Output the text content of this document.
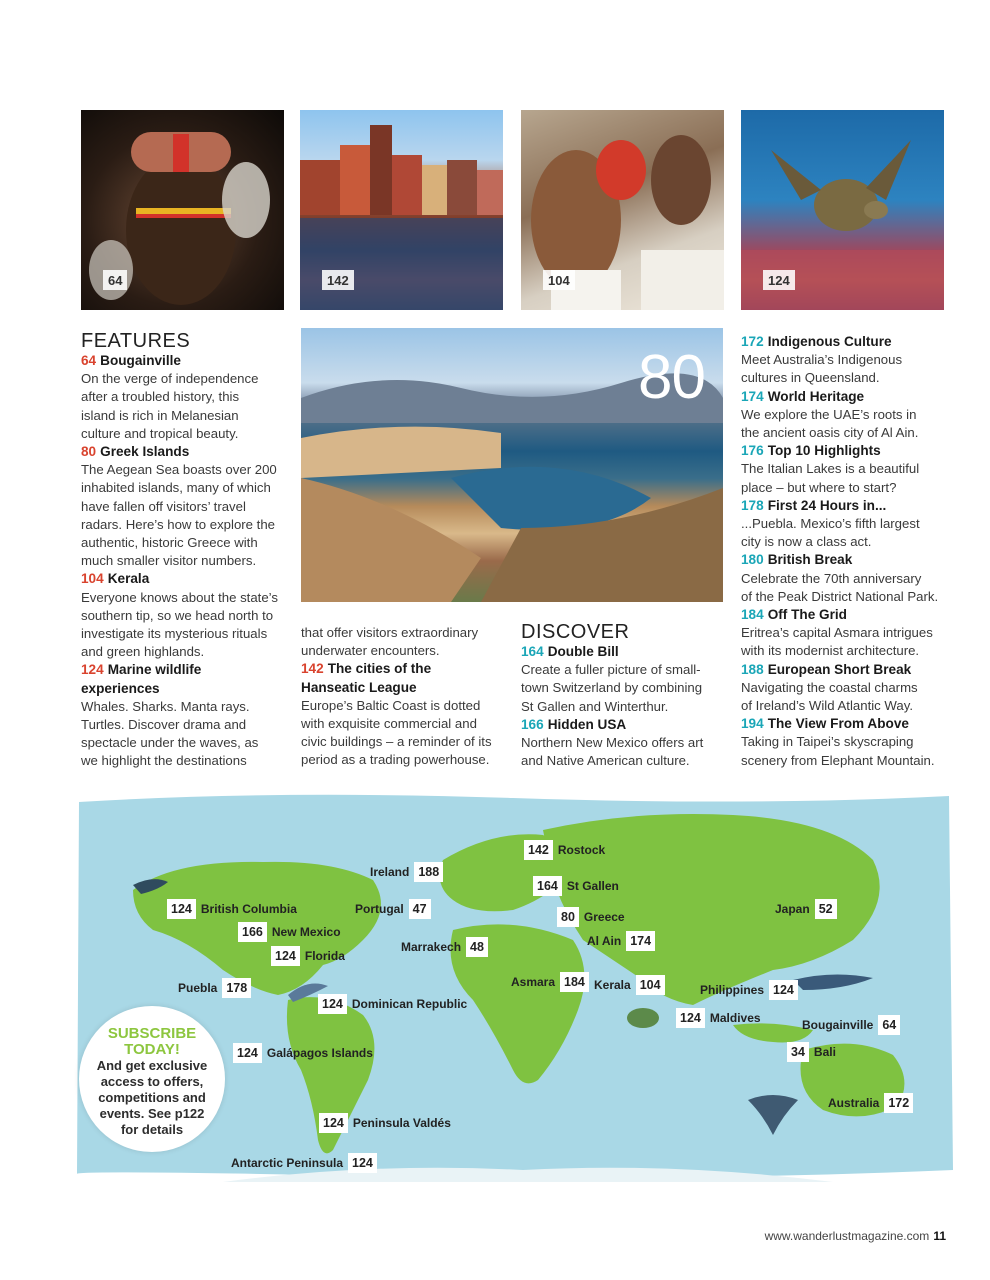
64	142	104	124
80
FEATURES
64 Bougainville
On the verge of independence
after a troubled history, this
island is rich in Melanesian
culture and tropical beauty.
80 Greek Islands
The Aegean Sea boasts over 200
inhabited islands, many of which
have fallen off visitors’ travel
radars. Here’s how to explore the
authentic, historic Greece with
much smaller visitor numbers.
104 Kerala
Everyone knows about the state’s
southern tip, so we head north to
investigate its mysterious rituals
and green highlands.
124 Marine wildlife
experiences
Whales. Sharks. Manta rays.
Turtles. Discover drama and
spectacle under the waves, as
we highlight the destinations
that offer visitors extraordinary
underwater encounters.
142 The cities of the
Hanseatic League
Europe’s Baltic Coast is dotted
with exquisite commercial and
civic buildings – a reminder of its
period as a trading powerhouse.
DISCOVER
164 Double Bill
Create a fuller picture of small-
town Switzerland by combining
St Gallen and Winterthur.
166 Hidden USA
Northern New Mexico offers art
and Native American culture.
172 Indigenous Culture
Meet Australia’s Indigenous
cultures in Queensland.
174 World Heritage
We explore the UAE’s roots in
the ancient oasis city of Al Ain.
176 Top 10 Highlights
The Italian Lakes is a beautiful
place – but where to start?
178 First 24 Hours in...
...Puebla. Mexico’s fifth largest
city is now a class act.
180 British Break
Celebrate the 70th anniversary
of the Peak District National Park.
184 Off The Grid
Eritrea’s capital Asmara intrigues
with its modernist architecture.
188 European Short Break
Navigating the coastal charms
of Ireland’s Wild Atlantic Way.
194 The View From Above
Taking in Taipei’s skyscraping
scenery from Elephant Mountain.
142 Rostock
Ireland 188
164 St Gallen
Portugal 47
80 Greece
124 British Columbia
166 New Mexico
124 Florida
Marrakech 48	Al Ain 174
Japan 52
Puebla 178	Asmara 184 Kerala 104	Philippines 124
124 Dominican Republic
124 Maldives	Bougainville 64
124 Galápagos Islands	34 Bali
Australia 172
124 Peninsula Valdés
Antarctic Peninsula 124
SUBSCRIBE
TODAY!
And get exclusive
access to offers,
competitions and
events. See p122
for details
www.wanderlustmagazine.com 11
